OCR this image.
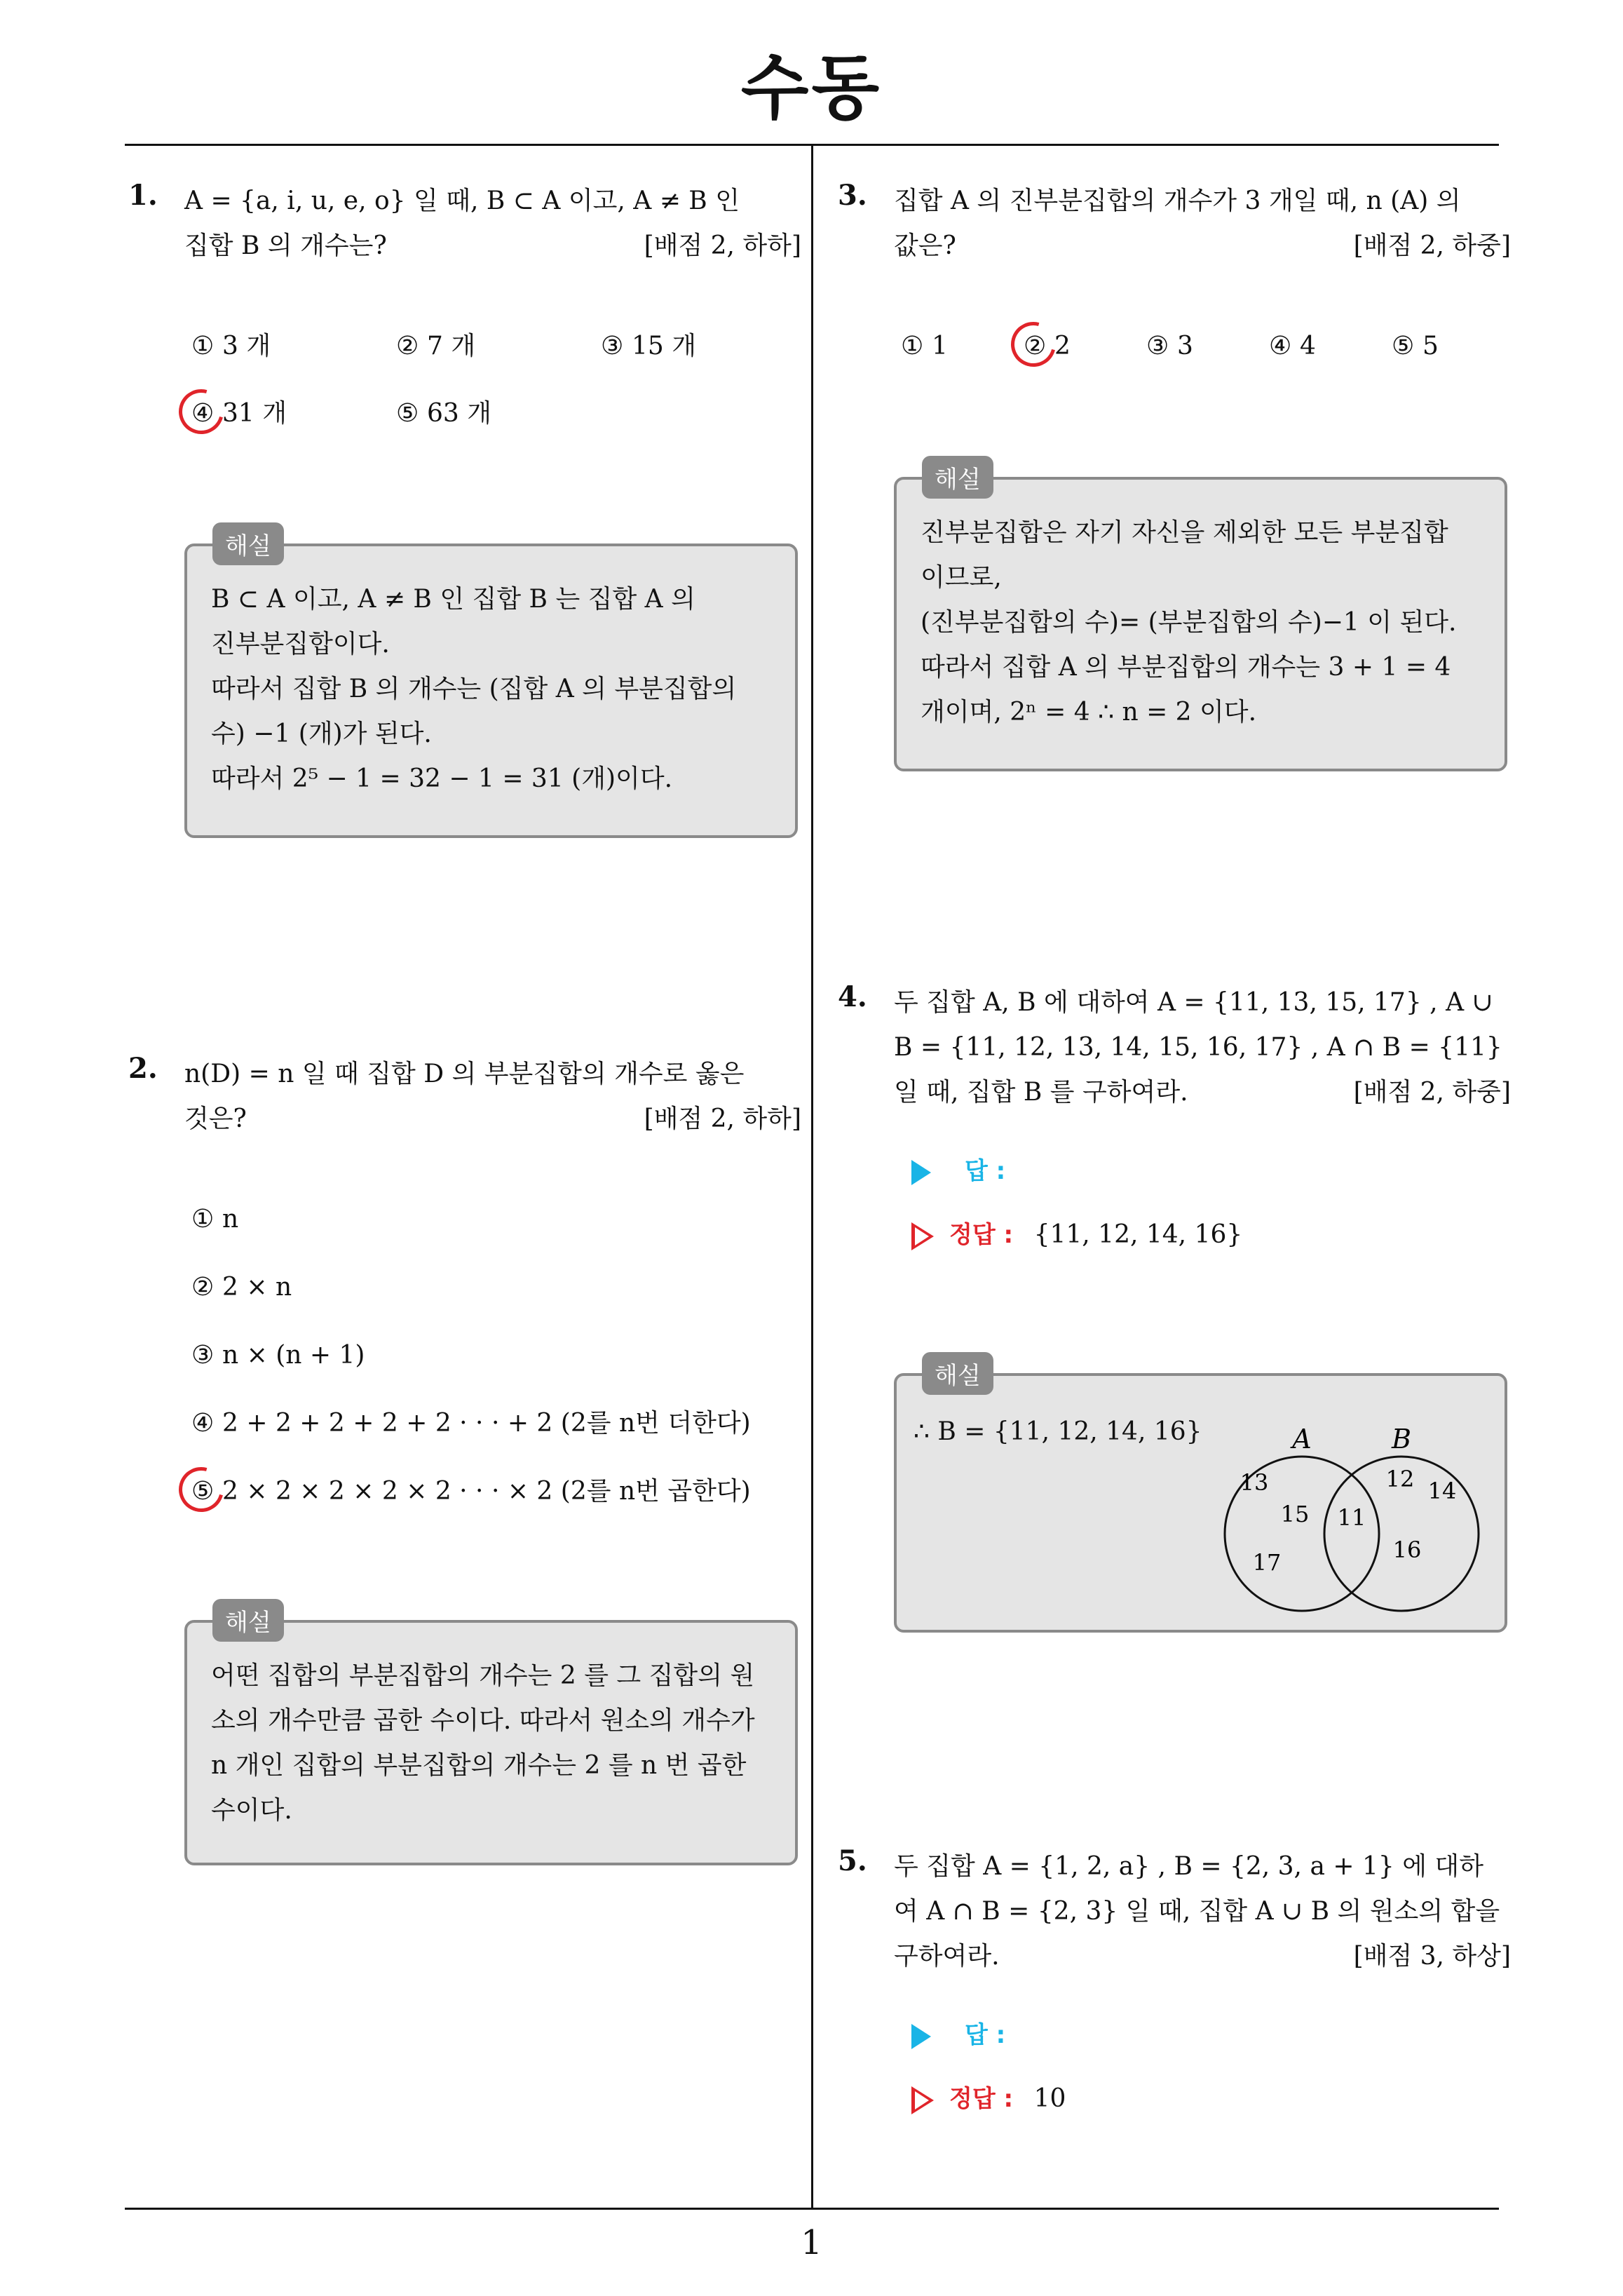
수동
1. A = {a, i, u, e, o} 일 때, B ⊂ A 이고, A ≠ B 인
집합 B 의 개수는?	[배점 2, 하하]
① 3 개	② 7 개	③ 15 개
④ 31 개	⑤ 63 개
해설
B ⊂ A 이고, A ≠ B 인 집합 B 는 집합 A 의
진부분집합이다.
따라서 집합 B 의 개수는 (집합 A 의 부분집합의
수) −1 (개)가 된다.
따라서 2⁵ − 1 = 32 − 1 = 31 (개)이다.
2. n(D) = n 일 때 집합 D 의 부분집합의 개수로 옳은
것은?	[배점 2, 하하]
① n
② 2 × n
③ n × (n + 1)
④ 2 + 2 + 2 + 2 + 2 · · · + 2 (2를 n번 더한다)
⑤ 2 × 2 × 2 × 2 × 2 · · · × 2 (2를 n번 곱한다)
해설
어떤 집합의 부분집합의 개수는 2 를 그 집합의 원
소의 개수만큼 곱한 수이다. 따라서 원소의 개수가
n 개인 집합의 부분집합의 개수는 2 를 n 번 곱한
수이다.
3. 집합 A 의 진부분집합의 개수가 3 개일 때, n (A) 의
값은?	[배점 2, 하중]
① 1	② 2	③ 3	④ 4	⑤ 5
해설
진부분집합은 자기 자신을 제외한 모든 부분집합
이므로,
(진부분집합의 수)= (부분집합의 수)−1 이 된다.
따라서 집합 A 의 부분집합의 개수는 3 + 1 = 4
개이며, 2ⁿ = 4 ∴ n = 2 이다.
4. 두 집합 A, B 에 대하여 A = {11, 13, 15, 17} , A ∪
B = {11, 12, 13, 14, 15, 16, 17} , A ∩ B = {11}
일 때, 집합 B 를 구하여라.	[배점 2, 하중]
답 :
정답 : {11, 12, 14, 16}
해설
∴ B = {11, 12, 14, 16}	A	B
13
15
17
11
12 14
16
5. 두 집합 A = {1, 2, a} , B = {2, 3, a + 1} 에 대하
여 A ∩ B = {2, 3} 일 때, 집합 A ∪ B 의 원소의 합을
구하여라.	[배점 3, 하상]
답 :
정답 : 10
1
